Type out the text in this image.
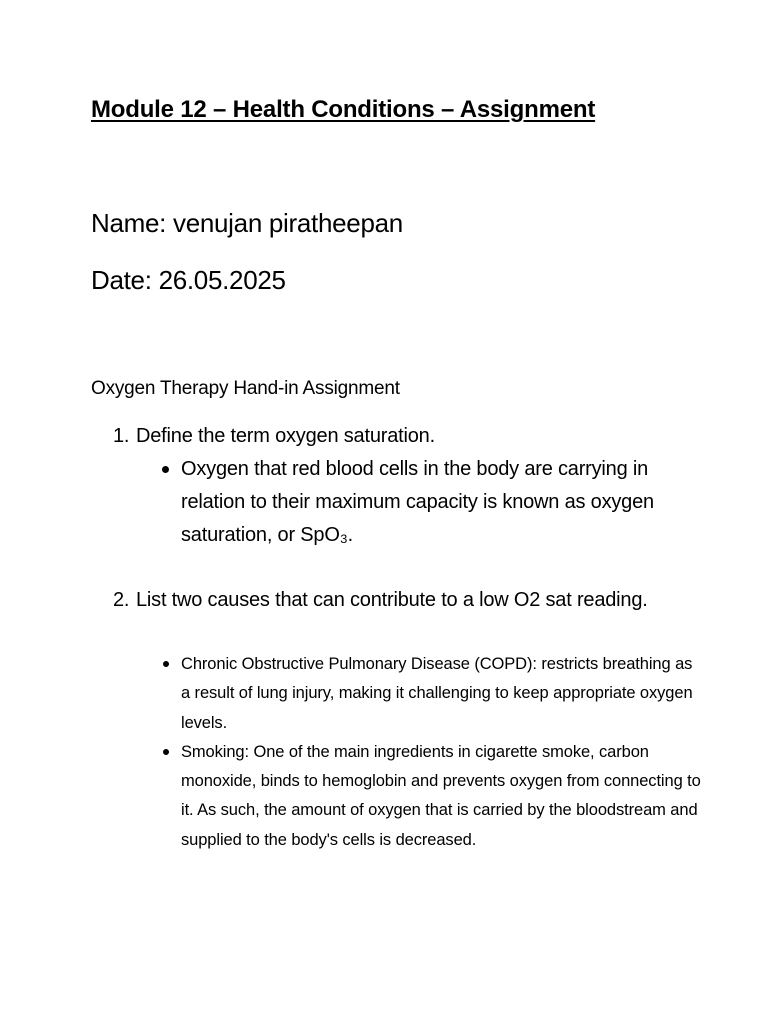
Module 12 – Health Conditions – Assignment
Name: venujan piratheepan
Date: 26.05.2025
Oxygen Therapy Hand-in Assignment
1. Define the term oxygen saturation.
Oxygen that red blood cells in the body are carrying in relation to their maximum capacity is known as oxygen saturation, or SpO₃.
2. List two causes that can contribute to a low O2 sat reading.
Chronic Obstructive Pulmonary Disease (COPD): restricts breathing as a result of lung injury, making it challenging to keep appropriate oxygen levels.
Smoking: One of the main ingredients in cigarette smoke, carbon monoxide, binds to hemoglobin and prevents oxygen from connecting to it. As such, the amount of oxygen that is carried by the bloodstream and supplied to the body's cells is decreased.
